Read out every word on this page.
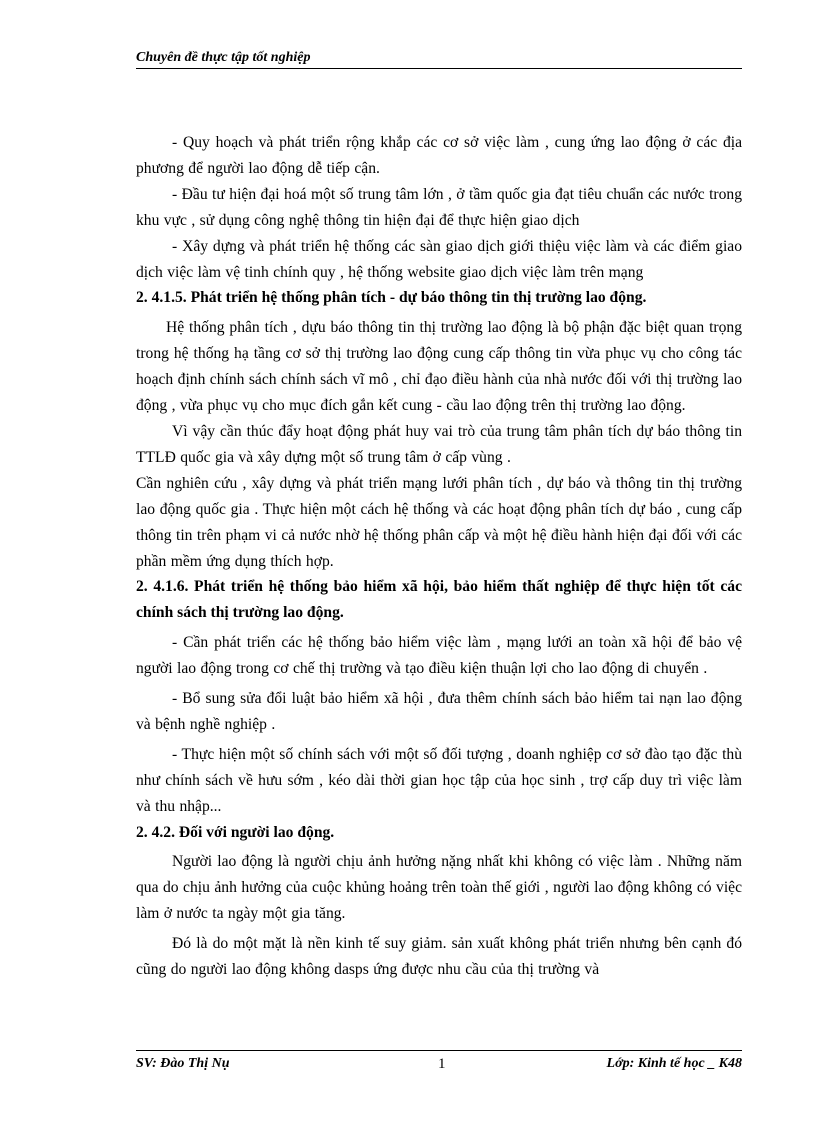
Chuyên đề thực tập tốt nghiệp

- Quy hoạch và phát triển rộng khắp các cơ sở việc làm , cung ứng lao động ở các địa phương để người lao động dễ tiếp cận.

- Đầu tư hiện đại hoá một số trung tâm lớn , ở tầm quốc gia đạt tiêu chuẩn các nước trong khu vực , sử dụng công nghệ thông tin hiện đại để thực hiện giao dịch

- Xây dựng và phát triển hệ thống các sàn giao dịch giới thiệu việc làm và các điểm giao dịch việc làm vệ tinh chính quy , hệ thống website giao dịch việc làm trên mạng

2. 4.1.5. Phát triển hệ thống phân tích - dự báo thông tin thị trường lao động.

Hệ thống phân tích , dựu báo thông tin thị trường lao động là bộ phận đặc biệt quan trọng trong hệ thống hạ tầng cơ sở thị trường lao động cung cấp thông tin vừa phục vụ cho công tác hoạch định chính sách chính sách vĩ mô , chỉ đạo điều hành của nhà nước đối với thị trường lao động , vừa phục vụ cho mục đích gắn kết cung - cầu lao động trên thị trường lao động.

Vì vậy cần thúc đẩy hoạt động phát huy vai trò của trung tâm phân tích dự báo thông tin TTLĐ quốc gia và xây dựng một số trung tâm ở cấp vùng .

Cần nghiên cứu , xây dựng và phát triển mạng lưới phân tích , dự báo và thông tin thị trường lao động quốc gia . Thực hiện một cách hệ thống và các hoạt động phân tích dự báo , cung cấp thông tin trên phạm vi cả nước nhờ hệ thống phân cấp và một hệ điều hành hiện đại đối với các phần mềm ứng dụng thích hợp.

2. 4.1.6. Phát triển hệ thống bảo hiểm xã hội, bảo hiểm thất nghiệp để thực hiện tốt các chính sách thị trường lao động.

- Cần phát triển các hệ thống bảo hiểm việc làm , mạng lưới an toàn xã hội để bảo vệ người lao động trong cơ chế thị trường và tạo điều kiện thuận lợi cho lao động di chuyển .

- Bổ sung sửa đổi luật bảo hiểm xã hội , đưa thêm chính sách bảo hiểm tai nạn lao động và bệnh nghề nghiệp .

- Thực hiện một số chính sách với một số đối tượng , doanh nghiệp cơ sở đào tạo đặc thù như chính sách về hưu sớm , kéo dài thời gian học tập của học sinh , trợ cấp duy trì việc làm và thu nhập...

2. 4.2. Đối với người lao động.

Người lao động là người chịu ảnh hưởng nặng nhất khi không có việc làm . Những năm qua do chịu ảnh hưởng của cuộc khủng hoảng trên toàn thế giới , người lao động không có việc làm ở nước ta ngày một gia tăng.

Đó là do một mặt là nền kinh tế suy giảm. sản xuất không phát triển nhưng bên cạnh đó cũng do người lao động không dasps ứng được nhu cầu của thị trường và

SV: Đào Thị Nụ	1	Lớp: Kinh tế học _ K48
